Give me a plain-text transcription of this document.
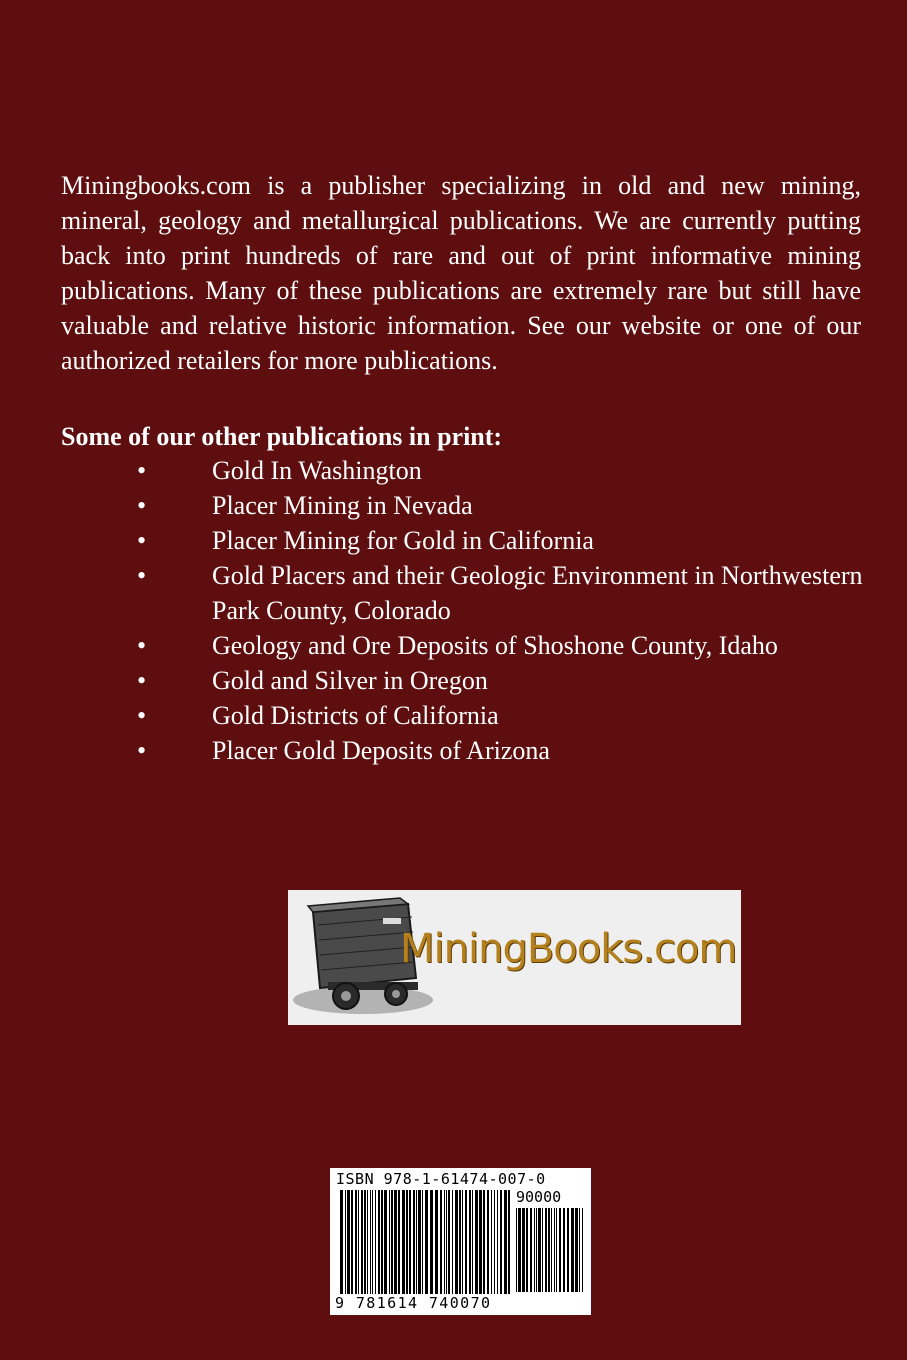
Miningbooks.com is a publisher specializing in old and new mining, mineral, geology and metallurgical publications. We are currently putting back into print hundreds of rare and out of print informative mining publications. Many of these publications are extremely rare but still have valuable and relative historic information. See our website or one of our authorized retailers for more publications.

Some of our other publications in print:

•	Gold In Washington
•	Placer Mining in Nevada
•	Placer Mining for Gold in California
•	Gold Placers and their Geologic Environment in Northwestern Park County, Colorado
•	Geology and Ore Deposits of Shoshone County, Idaho
•	Gold and Silver in Oregon
•	Gold Districts of California
•	Placer Gold Deposits of Arizona
MiningBooks.com
ISBN 978-1-61474-007-0
90000
9 781614 740070
